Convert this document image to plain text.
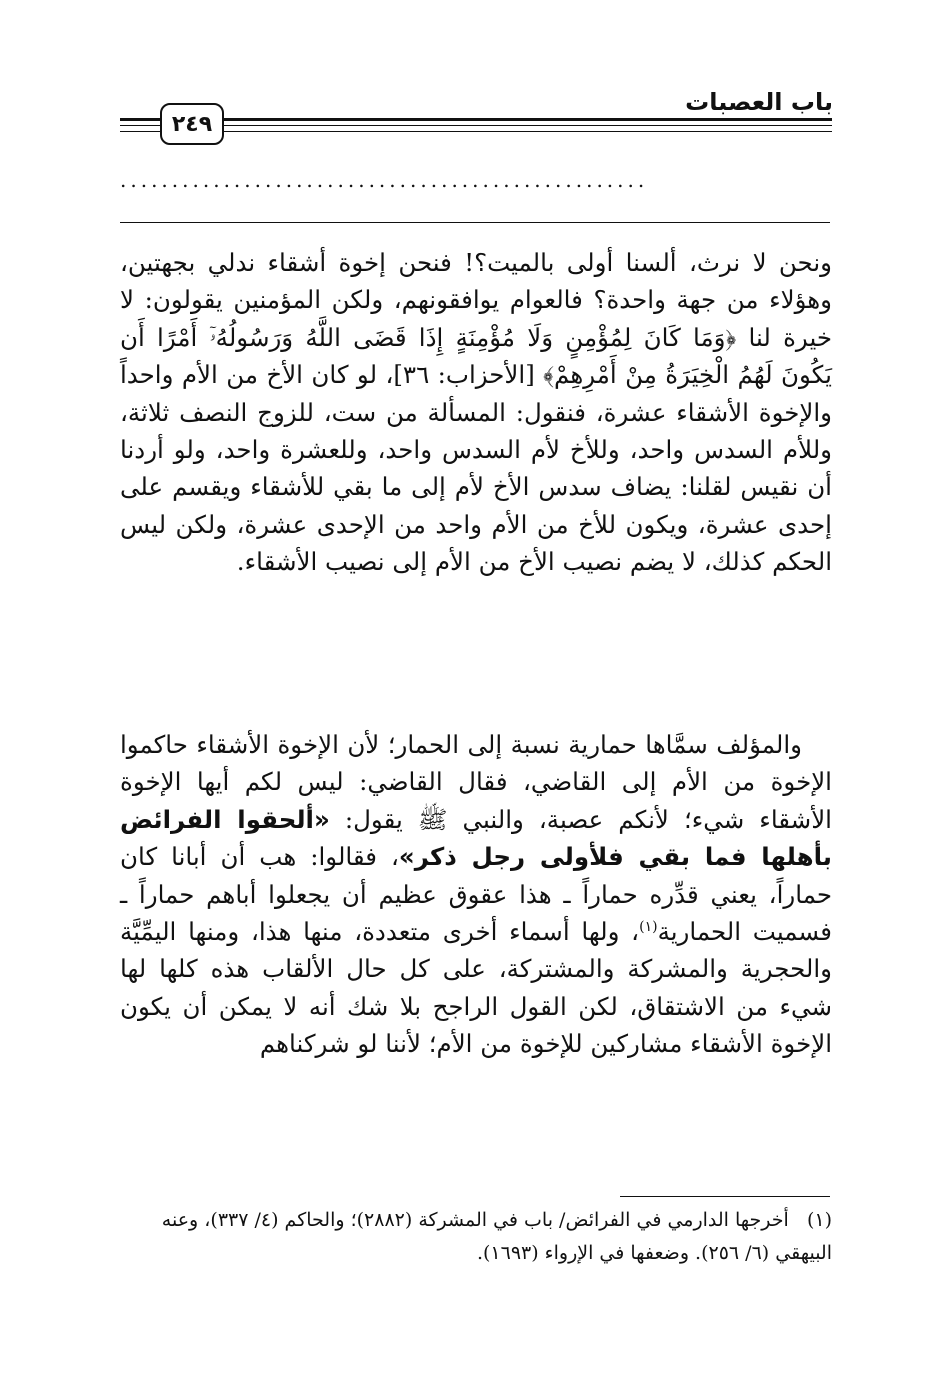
باب العصبات
٢٤٩
...................................................
ونحن لا نرث، ألسنا أولى بالميت؟! فنحن إخوة أشقاء ندلي بجهتين، وهؤلاء من جهة واحدة؟ فالعوام يوافقونهم، ولكن المؤمنين يقولون: لا خيرة لنا ﴿وَمَا كَانَ لِمُؤْمِنٍ وَلَا مُؤْمِنَةٍ إِذَا قَضَى اللَّهُ وَرَسُولُهُۥٓ أَمْرًا أَن يَكُونَ لَهُمُ الْخِيَرَةُ مِنْ أَمْرِهِمْ﴾ [الأحزاب: ٣٦]، لو كان الأخ من الأم واحداً والإخوة الأشقاء عشرة، فنقول: المسألة من ست، للزوج النصف ثلاثة، وللأم السدس واحد، وللأخ لأم السدس واحد، وللعشرة واحد، ولو أردنا أن نقيس لقلنا: يضاف سدس الأخ لأم إلى ما بقي للأشقاء ويقسم على إحدى عشرة، ويكون للأخ من الأم واحد من الإحدى عشرة، ولكن ليس الحكم كذلك، لا يضم نصيب الأخ من الأم إلى نصيب الأشقاء.
والمؤلف سمَّاها حمارية نسبة إلى الحمار؛ لأن الإخوة الأشقاء حاكموا الإخوة من الأم إلى القاضي، فقال القاضي: ليس لكم أيها الإخوة الأشقاء شيء؛ لأنكم عصبة، والنبي ﷺ يقول: «ألحقوا الفرائض بأهلها فما بقي فلأولى رجل ذكر»، فقالوا: هب أن أبانا كان حماراً، يعني قدِّره حماراً ـ هذا عقوق عظيم أن يجعلوا أباهم حماراً ـ فسميت الحمارية$^{(١)}$، ولها أسماء أخرى متعددة، منها هذا، ومنها اليمِّيَّة والحجرية والمشركة والمشتركة، على كل حال الألقاب هذه كلها لها شيء من الاشتقاق، لكن القول الراجح بلا شك أنه لا يمكن أن يكون الإخوة الأشقاء مشاركين للإخوة من الأم؛ لأننا لو شركناهم
(١)   أخرجها الدارمي في الفرائض/ باب في المشركة (٢٨٨٢)؛ والحاكم (٤/ ٣٣٧)، وعنه البيهقي (٦/ ٢٥٦). وضعفها في الإرواء (١٦٩٣).
